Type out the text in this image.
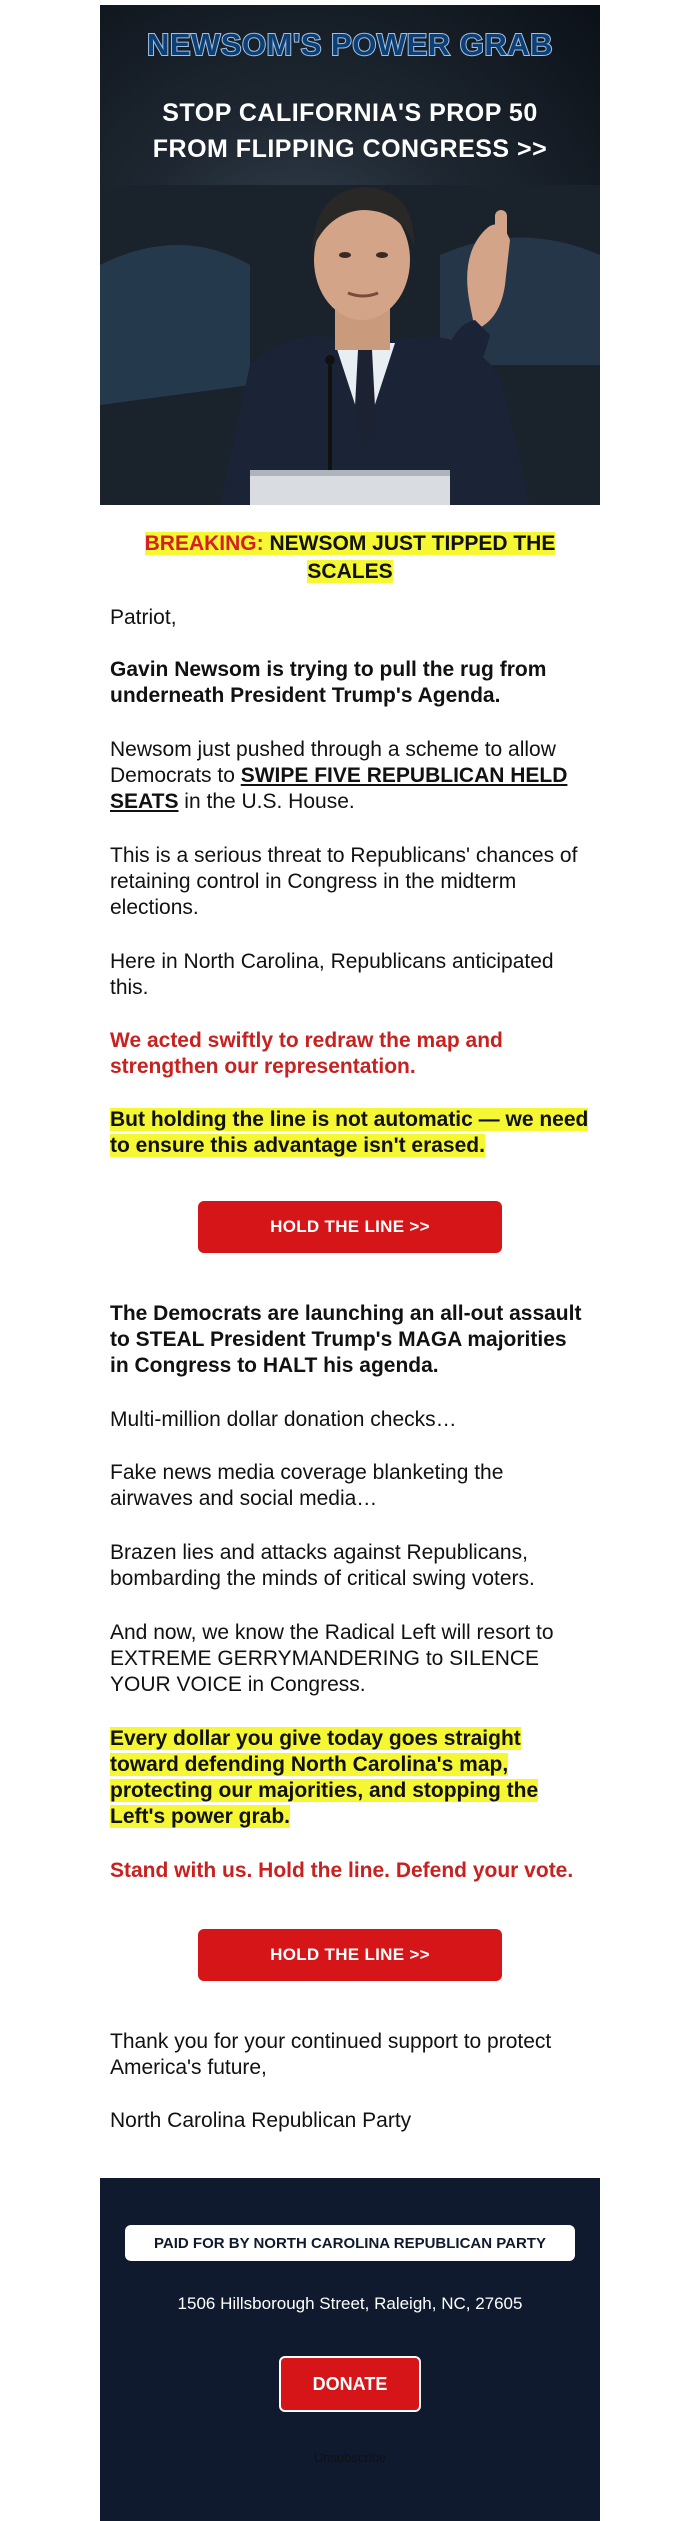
NEWSOM'S POWER GRAB
STOP CALIFORNIA'S PROP 50
FROM FLIPPING CONGRESS >>
BREAKING: NEWSOM JUST TIPPED THE
SCALES

Patriot,

Gavin Newsom is trying to pull the rug from underneath President Trump's Agenda.

Newsom just pushed through a scheme to allow Democrats to SWIPE FIVE REPUBLICAN HELD SEATS in the U.S. House.

This is a serious threat to Republicans' chances of retaining control in Congress in the midterm elections.

Here in North Carolina, Republicans anticipated this.

We acted swiftly to redraw the map and strengthen our representation.

But holding the line is not automatic — we need to ensure this advantage isn't erased.

HOLD THE LINE >>

The Democrats are launching an all-out assault to STEAL President Trump's MAGA majorities in Congress to HALT his agenda.

Multi-million dollar donation checks…

Fake news media coverage blanketing the airwaves and social media…

Brazen lies and attacks against Republicans, bombarding the minds of critical swing voters.

And now, we know the Radical Left will resort to EXTREME GERRYMANDERING to SILENCE YOUR VOICE in Congress.

Every dollar you give today goes straight toward defending North Carolina's map, protecting our majorities, and stopping the Left's power grab.

Stand with us. Hold the line. Defend your vote.

HOLD THE LINE >>

Thank you for your continued support to protect America's future,

North Carolina Republican Party

PAID FOR BY NORTH CAROLINA REPUBLICAN PARTY
1506 Hillsborough Street, Raleigh, NC, 27605
DONATE
Unsubscribe
